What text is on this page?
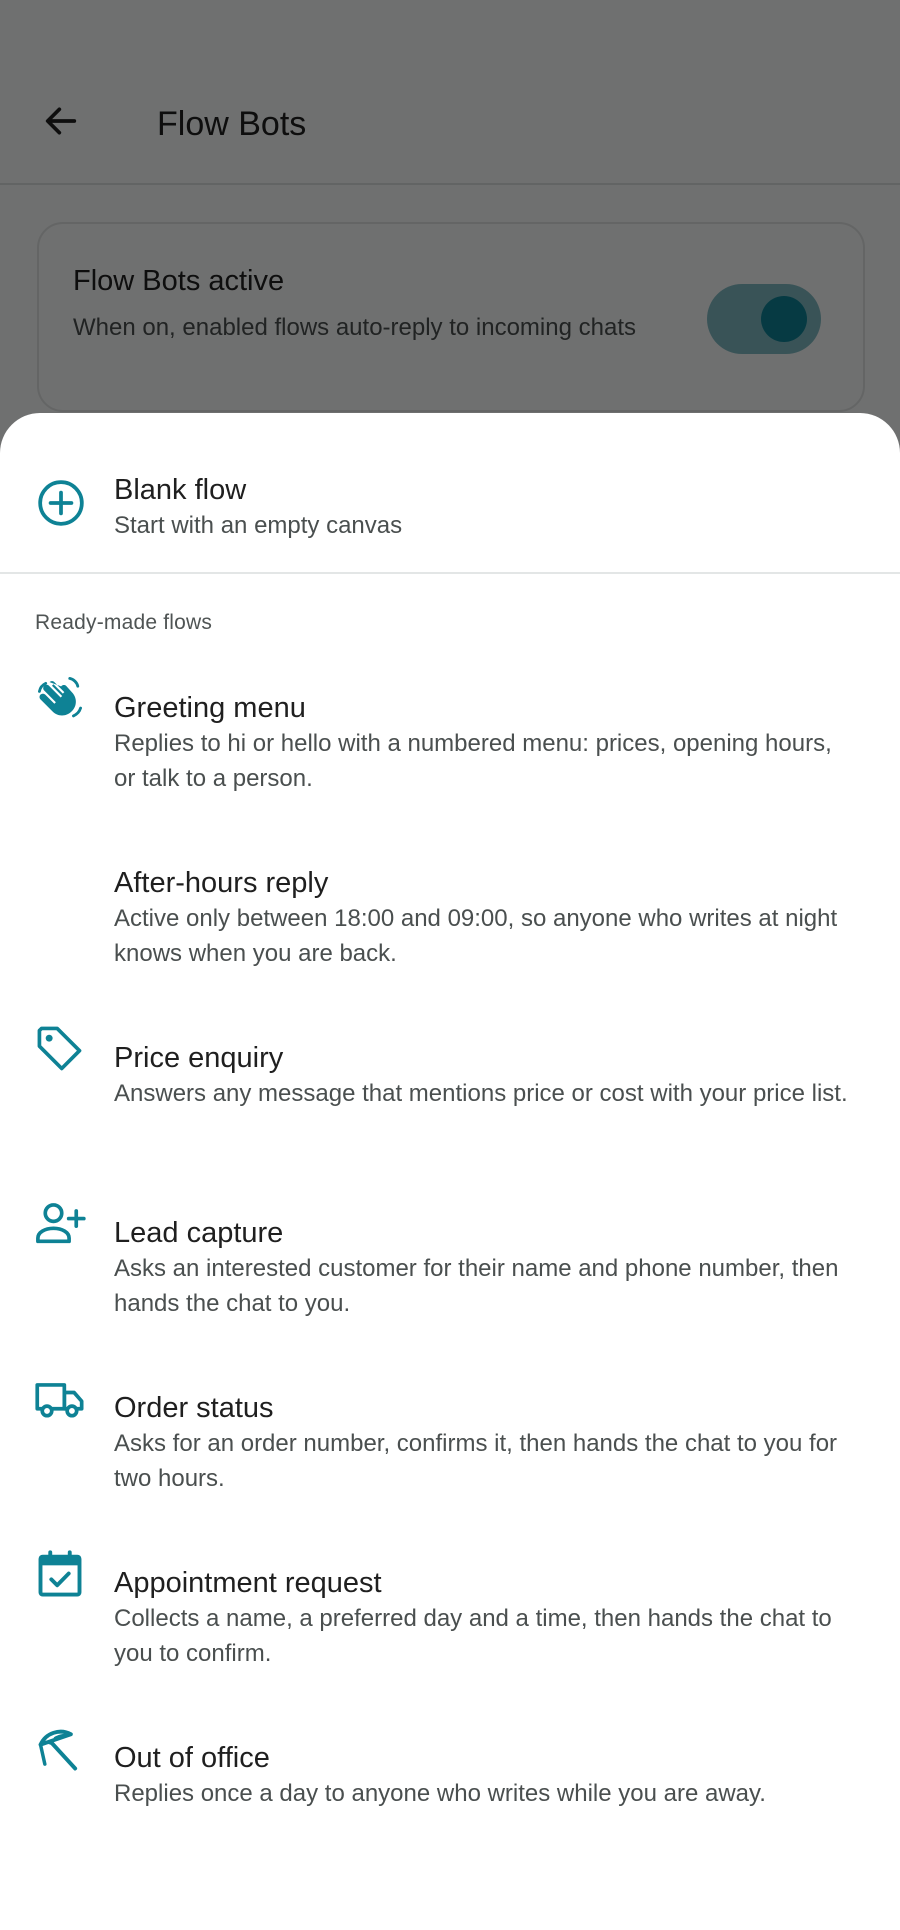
Blank flow
Start with an empty canvas
Ready-made flows
Greeting menu
Replies to hi or hello with a numbered menu: prices, opening hours, or talk to a person.
After-hours reply
Active only between 18:00 and 09:00, so anyone who writes at night knows when you are back.
Price enquiry
Answers any message that mentions price or cost with your price list.
Lead capture
Asks an interested customer for their name and phone number, then hands the chat to you.
Order status
Asks for an order number, confirms it, then hands the chat to you for two hours.
Appointment request
Collects a name, a preferred day and a time, then hands the chat to you to confirm.
Out of office
Replies once a day to anyone who writes while you are away.
